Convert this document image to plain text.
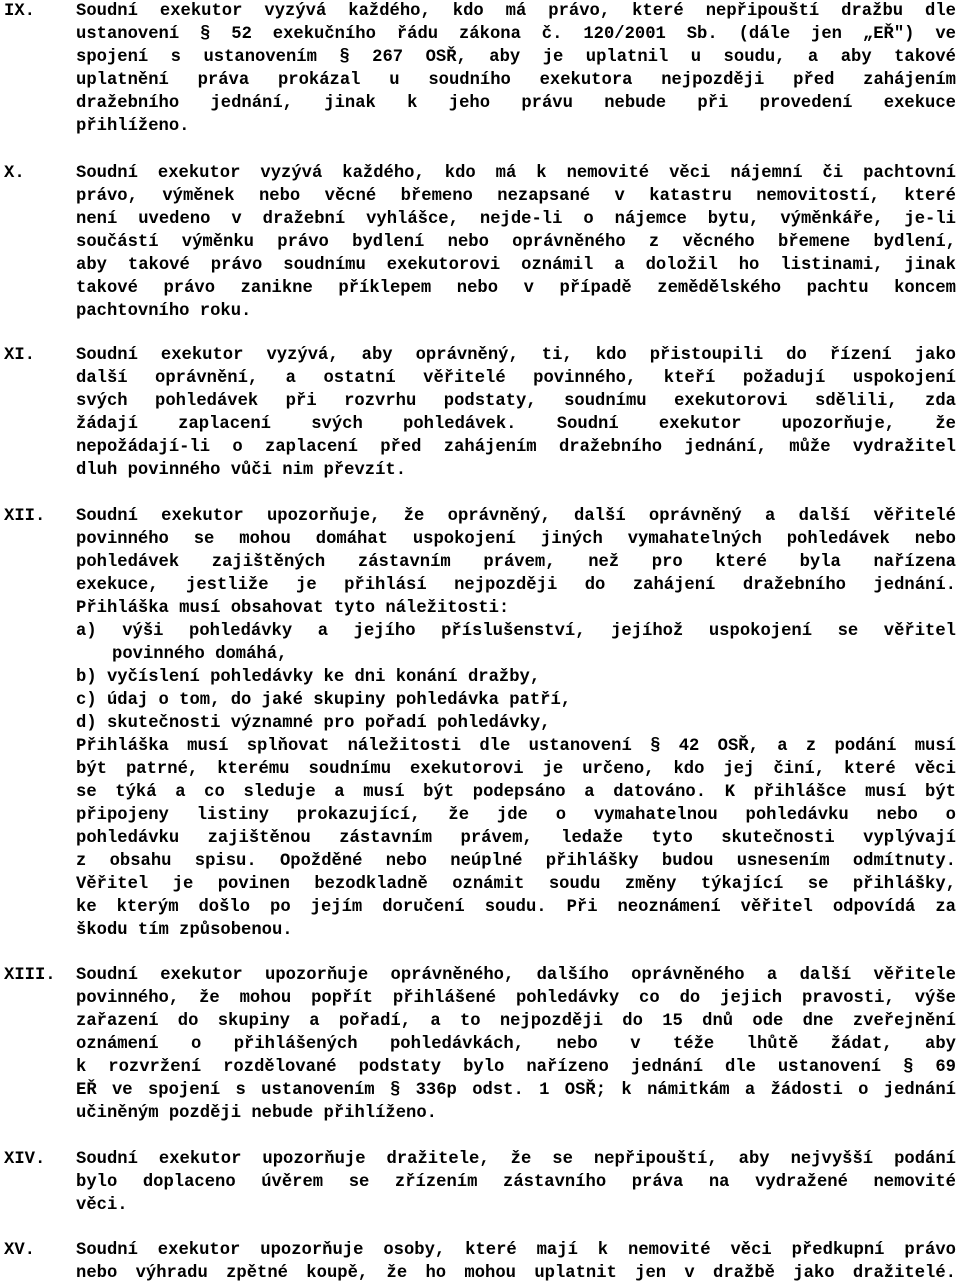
IX. Soudní exekutor vyzývá každého, kdo má právo, které nepřipouští dražbu dle
ustanovení § 52 exekučního řádu zákona č. 120/2001 Sb. (dále jen „EŘ") ve
spojení s ustanovením § 267 OSŘ, aby je uplatnil u soudu, a aby takové
uplatnění práva prokázal u soudního exekutora nejpozději před zahájením
dražebního jednání, jinak k jeho právu nebude při provedení exekuce
přihlíženo.
X.	Soudní exekutor vyzývá každého, kdo má k nemovité věci nájemní či pachtovní
právo, výměnek nebo věcné břemeno nezapsané v katastru nemovitostí, které
není uvedeno v dražební vyhlášce, nejde-li o nájemce bytu, výměnkáře, je-li
součástí výměnku právo bydlení nebo oprávněného z věcného břemene bydlení,
aby takové právo soudnímu exekutorovi oznámil a doložil ho listinami, jinak
takové právo zanikne příklepem nebo v případě zemědělského pachtu koncem
pachtovního roku.
XI. Soudní exekutor vyzývá, aby oprávněný, ti, kdo přistoupili do řízení jako
další oprávnění, a ostatní věřitelé povinného, kteří požadují uspokojení
svých pohledávek při rozvrhu podstaty, soudnímu exekutorovi sdělili, zda
žádají zaplacení svých pohledávek. Soudní exekutor upozorňuje, že
nepožádají-li o zaplacení před zahájením dražebního jednání, může vydražitel
dluh povinného vůči nim převzít.
XII. Soudní exekutor upozorňuje, že oprávněný, další oprávněný a další věřitelé
povinného se mohou domáhat uspokojení jiných vymahatelných pohledávek nebo
pohledávek zajištěných zástavním právem, než pro které byla nařízena
exekuce, jestliže je přihlásí nejpozději do zahájení dražebního jednání.
Přihláška musí obsahovat tyto náležitosti:
a) výši pohledávky a jejího příslušenství, jejíhož uspokojení se věřitel
povinného domáhá,
b) vyčíslení pohledávky ke dni konání dražby,
c) údaj o tom, do jaké skupiny pohledávka patří,
d) skutečnosti významné pro pořadí pohledávky,
Přihláška musí splňovat náležitosti dle ustanovení § 42 OSŘ, a z podání musí
být patrné, kterému soudnímu exekutorovi je určeno, kdo jej činí, které věci
se týká a co sleduje a musí být podepsáno a datováno. K přihlášce musí být
připojeny listiny prokazující, že jde o vymahatelnou pohledávku nebo o
pohledávku zajištěnou zástavním právem, ledaže tyto skutečnosti vyplývají
z obsahu spisu. Opožděné nebo neúplné přihlášky budou usnesením odmítnuty.
Věřitel je povinen bezodkladně oznámit soudu změny týkající se přihlášky,
ke kterým došlo po jejím doručení soudu. Při neoznámení věřitel odpovídá za
škodu tím způsobenou.
XIII. Soudní exekutor upozorňuje oprávněného, dalšího oprávněného a další věřitele
povinného, že mohou popřít přihlášené pohledávky co do jejich pravosti, výše
zařazení do skupiny a pořadí, a to nejpozději do 15 dnů ode dne zveřejnění
oznámení o přihlášených pohledávkách, nebo v téže lhůtě žádat, aby
k rozvržení rozdělované podstaty bylo nařízeno jednání dle ustanovení § 69
EŘ ve spojení s ustanovením § 336p odst. 1 OSŘ; k námitkám a žádosti o jednání
učiněným později nebude přihlíženo.
XIV. Soudní exekutor upozorňuje dražitele, že se nepřipouští, aby nejvyšší podání
bylo doplaceno úvěrem se zřízením zástavního práva na vydražené nemovité
věci.
XV. Soudní exekutor upozorňuje osoby, které mají k nemovité věci předkupní právo
nebo výhradu zpětné koupě, že ho mohou uplatnit jen v dražbě jako dražitelé.
